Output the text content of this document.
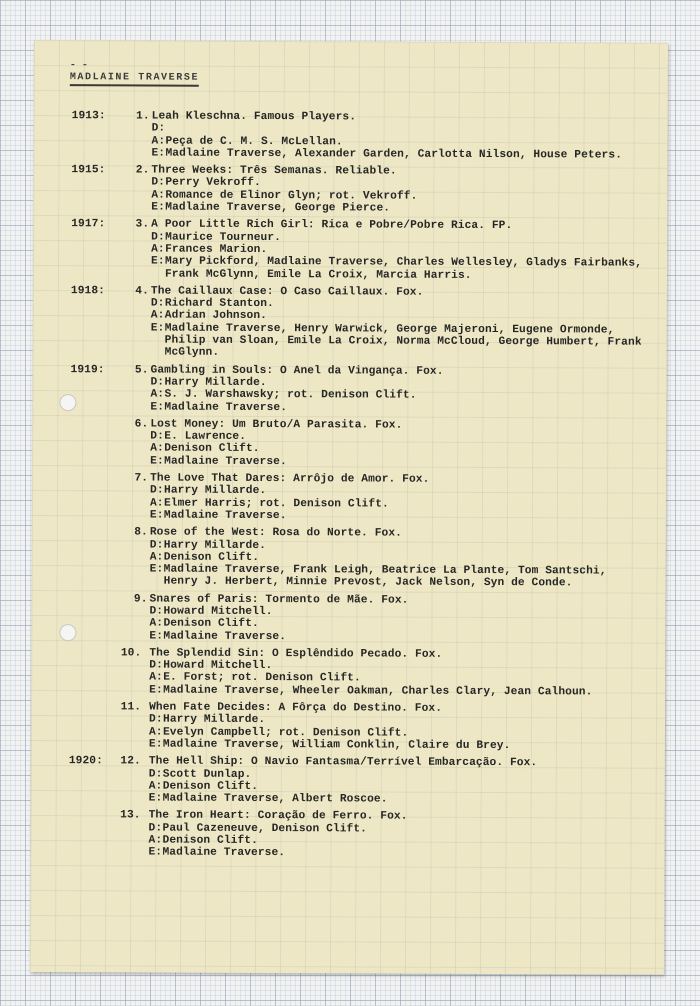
- -
MADLAINE TRAVERSE
1913:	1. Leah Kleschna. Famous Players.
D:
A:Peça de C. M. S. McLellan.
E:Madlaine Traverse, Alexander Garden, Carlotta Nilson, House Peters.
1915:	2. Three Weeks: Três Semanas. Reliable.
D:Perry Vekroff.
A:Romance de Elinor Glyn; rot. Vekroff.
E:Madlaine Traverse, George Pierce.
1917:	3. A Poor Little Rich Girl: Rica e Pobre/Pobre Rica. FP.
D:Maurice Tourneur.
A:Frances Marion.
E:Mary Pickford, Madlaine Traverse, Charles Wellesley, Gladys Fairbanks, Frank McGlynn, Emile La Croix, Marcia Harris.
1918:	4. The Caillaux Case: O Caso Caillaux. Fox.
D:Richard Stanton.
A:Adrian Johnson.
E:Madlaine Traverse, Henry Warwick, George Majeroni, Eugene Ormonde, Philip van Sloan, Emile La Croix, Norma McCloud, George Humbert, Frank McGlynn.
1919:	5. Gambling in Souls: O Anel da Vingança. Fox.
D:Harry Millarde.
A:S. J. Warshawsky; rot. Denison Clift.
E:Madlaine Traverse.
6. Lost Money: Um Bruto/A Parasita. Fox.
D:E. Lawrence.
A:Denison Clift.
E:Madlaine Traverse.
7. The Love That Dares: Arrôjo de Amor. Fox.
D:Harry Millarde.
A:Elmer Harris; rot. Denison Clift.
E:Madlaine Traverse.
8. Rose of the West: Rosa do Norte. Fox.
D:Harry Millarde.
A:Denison Clift.
E:Madlaine Traverse, Frank Leigh, Beatrice La Plante, Tom Santschi, Henry J. Herbert, Minnie Prevost, Jack Nelson, Syn de Conde.
9. Snares of Paris: Tormento de Mãe. Fox.
D:Howard Mitchell.
A:Denison Clift.
E:Madlaine Traverse.
10. The Splendid Sin: O Esplêndido Pecado. Fox.
D:Howard Mitchell.
A:E. Forst; rot. Denison Clift.
E:Madlaine Traverse, Wheeler Oakman, Charles Clary, Jean Calhoun.
11. When Fate Decides: A Fôrça do Destino. Fox.
D:Harry Millarde.
A:Evelyn Campbell; rot. Denison Clift.
E:Madlaine Traverse, William Conklin, Claire du Brey.
1920: 12. The Hell Ship: O Navio Fantasma/Terrível Embarcação. Fox.
D:Scott Dunlap.
A:Denison Clift.
E:Madlaine Traverse, Albert Roscoe.
13. The Iron Heart: Coração de Ferro. Fox.
D:Paul Cazeneuve, Denison Clift.
A:Denison Clift.
E:Madlaine Traverse.
